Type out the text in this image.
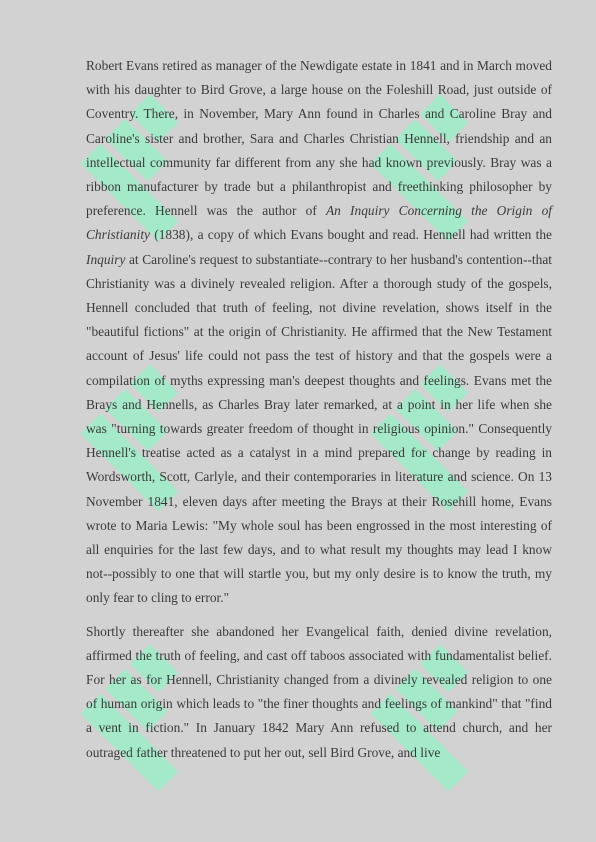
Robert Evans retired as manager of the Newdigate estate in 1841 and in March moved with his daughter to Bird Grove, a large house on the Foleshill Road, just outside of Coventry. There, in November, Mary Ann found in Charles and Caroline Bray and Caroline's sister and brother, Sara and Charles Christian Hennell, friendship and an intellectual community far different from any she had known previously. Bray was a ribbon manufacturer by trade but a philanthropist and freethinking philosopher by preference. Hennell was the author of An Inquiry Concerning the Origin of Christianity (1838), a copy of which Evans bought and read. Hennell had written the Inquiry at Caroline's request to substantiate--contrary to her husband's contention--that Christianity was a divinely revealed religion. After a thorough study of the gospels, Hennell concluded that truth of feeling, not divine revelation, shows itself in the "beautiful fictions" at the origin of Christianity. He affirmed that the New Testament account of Jesus' life could not pass the test of history and that the gospels were a compilation of myths expressing man's deepest thoughts and feelings. Evans met the Brays and Hennells, as Charles Bray later remarked, at a point in her life when she was "turning towards greater freedom of thought in religious opinion." Consequently Hennell's treatise acted as a catalyst in a mind prepared for change by reading in Wordsworth, Scott, Carlyle, and their contemporaries in literature and science. On 13 November 1841, eleven days after meeting the Brays at their Rosehill home, Evans wrote to Maria Lewis: "My whole soul has been engrossed in the most interesting of all enquiries for the last few days, and to what result my thoughts may lead I know not--possibly to one that will startle you, but my only desire is to know the truth, my only fear to cling to error."

Shortly thereafter she abandoned her Evangelical faith, denied divine revelation, affirmed the truth of feeling, and cast off taboos associated with fundamentalist belief. For her as for Hennell, Christianity changed from a divinely revealed religion to one of human origin which leads to "the finer thoughts and feelings of mankind" that "find a vent in fiction." In January 1842 Mary Ann refused to attend church, and her outraged father threatened to put her out, sell Bird Grove, and live
